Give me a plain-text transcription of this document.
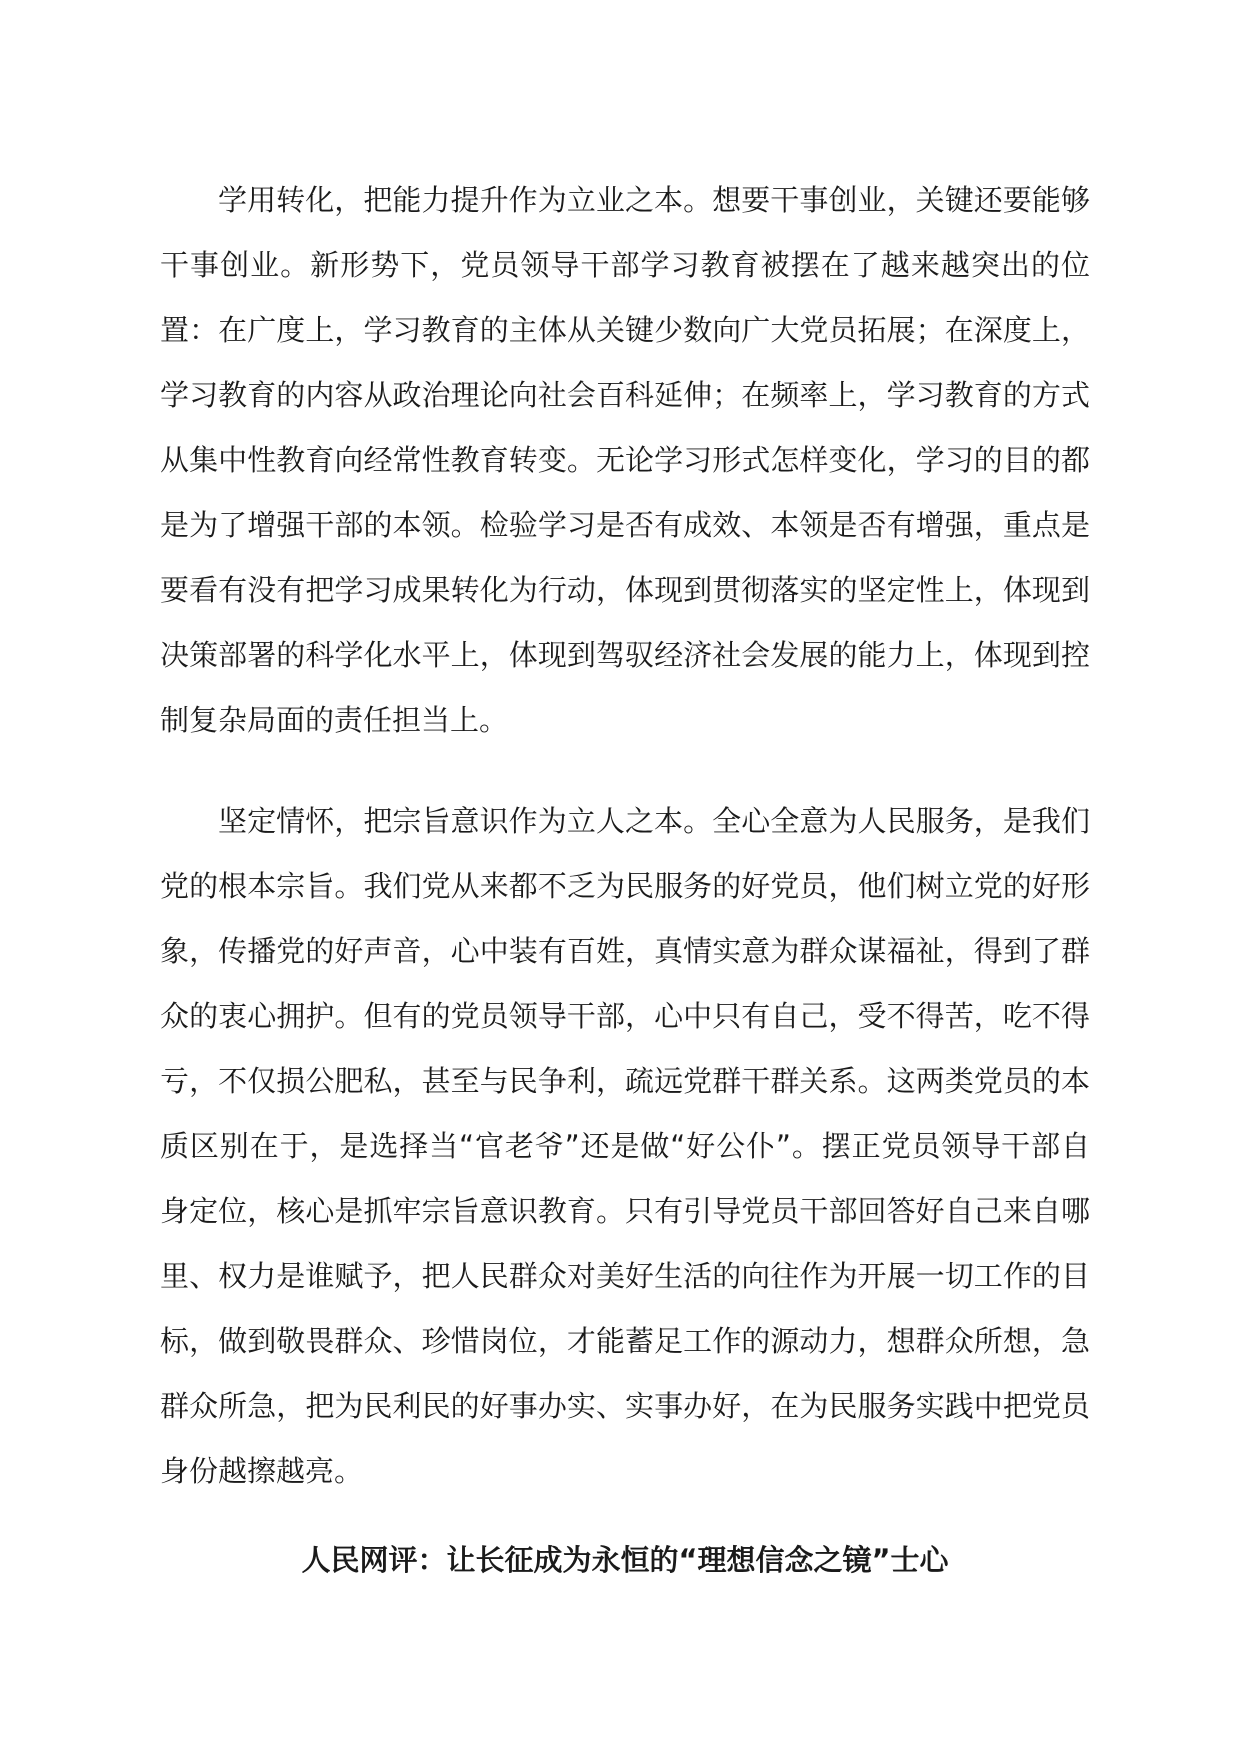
学用转化，把能力提升作为立业之本。想要干事创业，关键还要能够干事创业。新形势下，党员领导干部学习教育被摆在了越来越突出的位置：在广度上，学习教育的主体从关键少数向广大党员拓展；在深度上，学习教育的内容从政治理论向社会百科延伸；在频率上，学习教育的方式从集中性教育向经常性教育转变。无论学习形式怎样变化，学习的目的都是为了增强干部的本领。检验学习是否有成效、本领是否有增强，重点是要看有没有把学习成果转化为行动，体现到贯彻落实的坚定性上，体现到决策部署的科学化水平上，体现到驾驭经济社会发展的能力上，体现到控制复杂局面的责任担当上。

坚定情怀，把宗旨意识作为立人之本。全心全意为人民服务，是我们党的根本宗旨。我们党从来都不乏为民服务的好党员，他们树立党的好形象，传播党的好声音，心中装有百姓，真情实意为群众谋福祉，得到了群众的衷心拥护。但有的党员领导干部，心中只有自己，受不得苦，吃不得亏，不仅损公肥私，甚至与民争利，疏远党群干群关系。这两类党员的本质区别在于，是选择当“官老爷”还是做“好公仆”。摆正党员领导干部自身定位，核心是抓牢宗旨意识教育。只有引导党员干部回答好自己来自哪里、权力是谁赋予，把人民群众对美好生活的向往作为开展一切工作的目标，做到敬畏群众、珍惜岗位，才能蓄足工作的源动力，想群众所想，急群众所急，把为民利民的好事办实、实事办好，在为民服务实践中把党员身份越擦越亮。

人民网评：让长征成为永恒的“理想信念之镜”士心
